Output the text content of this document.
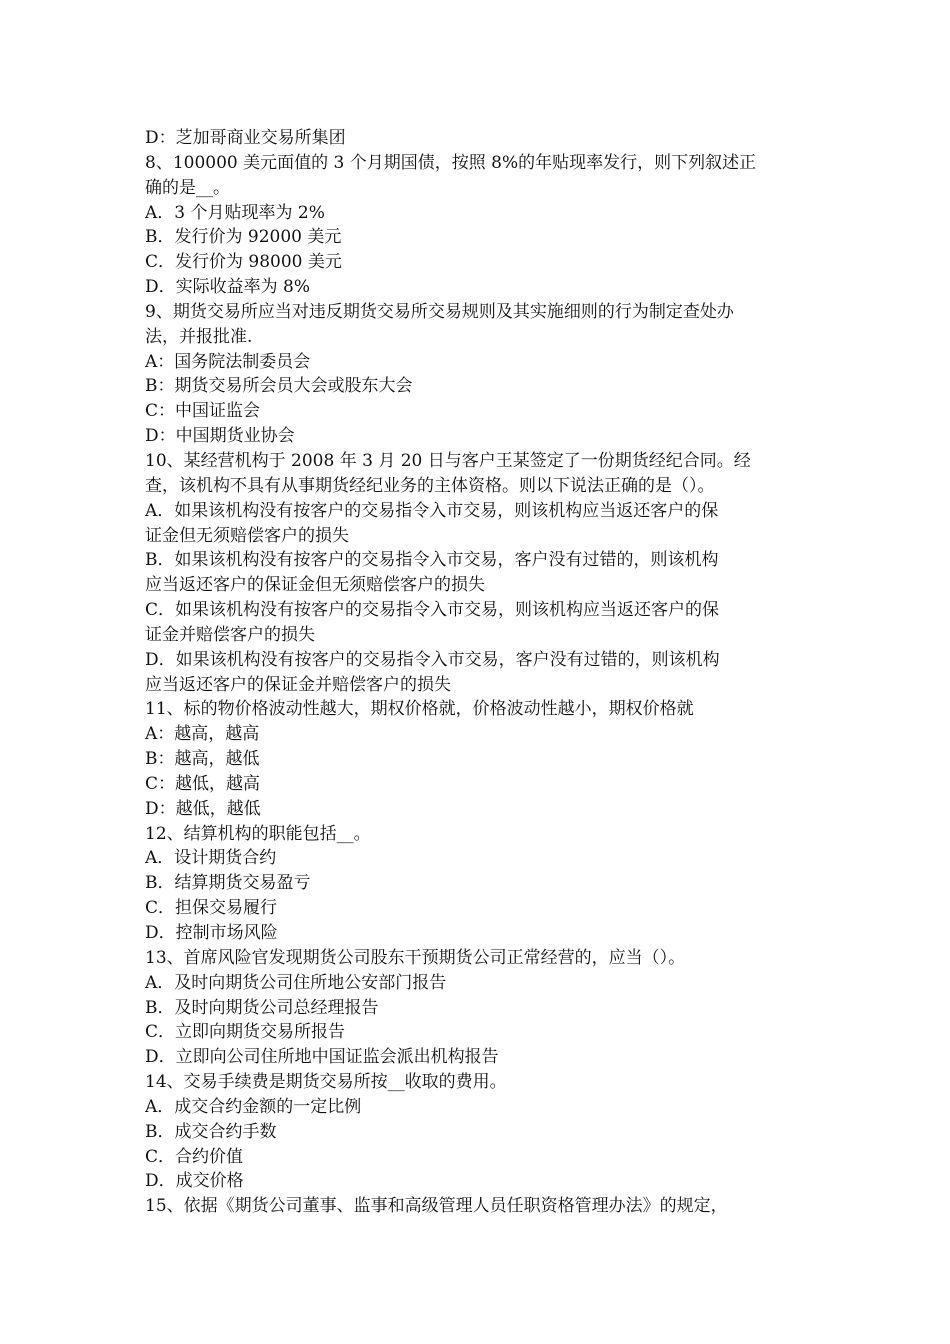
D：芝加哥商业交易所集团
8、100000 美元面值的 3 个月期国债，按照 8%的年贴现率发行，则下列叙述正
确的是__。
A．3 个月贴现率为 2%
B．发行价为 92000 美元
C．发行价为 98000 美元
D．实际收益率为 8%
9、期货交易所应当对违反期货交易所交易规则及其实施细则的行为制定查处办
法，并报批准.
A：国务院法制委员会
B：期货交易所会员大会或股东大会
C：中国证监会
D：中国期货业协会
10、某经营机构于 2008 年 3 月 20 日与客户王某签定了一份期货经纪合同。经
查，该机构不具有从事期货经纪业务的主体资格。则以下说法正确的是（）。
A．如果该机构没有按客户的交易指令入市交易，则该机构应当返还客户的保
证金但无须赔偿客户的损失
B．如果该机构没有按客户的交易指令入市交易，客户没有过错的，则该机构
应当返还客户的保证金但无须赔偿客户的损失
C．如果该机构没有按客户的交易指令入市交易，则该机构应当返还客户的保
证金并赔偿客户的损失
D．如果该机构没有按客户的交易指令入市交易，客户没有过错的，则该机构
应当返还客户的保证金并赔偿客户的损失
11、标的物价格波动性越大，期权价格就，价格波动性越小，期权价格就
A：越高，越高
B：越高，越低
C：越低，越高
D：越低，越低
12、结算机构的职能包括__。
A．设计期货合约
B．结算期货交易盈亏
C．担保交易履行
D．控制市场风险
13、首席风险官发现期货公司股东干预期货公司正常经营的，应当（）。
A．及时向期货公司住所地公安部门报告
B．及时向期货公司总经理报告
C．立即向期货交易所报告
D．立即向公司住所地中国证监会派出机构报告
14、交易手续费是期货交易所按__收取的费用。
A．成交合约金额的一定比例
B．成交合约手数
C．合约价值
D．成交价格
15、依据《期货公司董事、监事和高级管理人员任职资格管理办法》的规定，
